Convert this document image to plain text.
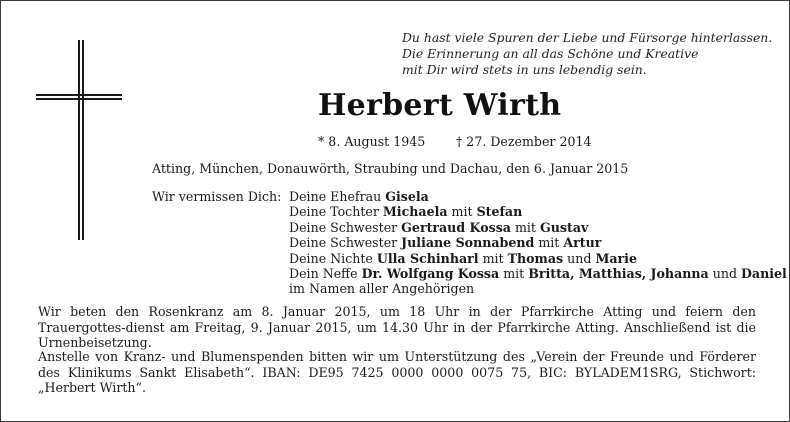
Du hast viele Spuren der Liebe und Fürsorge hinterlassen.
Die Erinnerung an all das Schöne und Kreative
mit Dir wird stets in uns lebendig sein.
Herbert Wirth
* 8. August 1945 † 27. Dezember 2014
Atting, München, Donauwörth, Straubing und Dachau, den 6. Januar 2015
Wir vermissen Dich: Deine Ehefrau Gisela
Deine Tochter Michaela mit Stefan
Deine Schwester Gertraud Kossa mit Gustav
Deine Schwester Juliane Sonnabend mit Artur
Deine Nichte Ulla Schinharl mit Thomas und Marie
Dein Neffe Dr. Wolfgang Kossa mit Britta, Matthias, Johanna und Daniel
im Namen aller Angehörigen
Wir beten den Rosenkranz am 8. Januar 2015, um 18 Uhr in der Pfarrkirche Atting und feiern den Trauergottes-dienst am Freitag, 9. Januar 2015, um 14.30 Uhr in der Pfarrkirche Atting. Anschließend ist die Urnenbeisetzung.
Anstelle von Kranz- und Blumenspenden bitten wir um Unterstützung des „Verein der Freunde und Förderer des Klinikums Sankt Elisabeth“. IBAN: DE95 7425 0000 0000 0075 75, BIC: BYLADEM1SRG, Stichwort: „Herbert Wirth“.
